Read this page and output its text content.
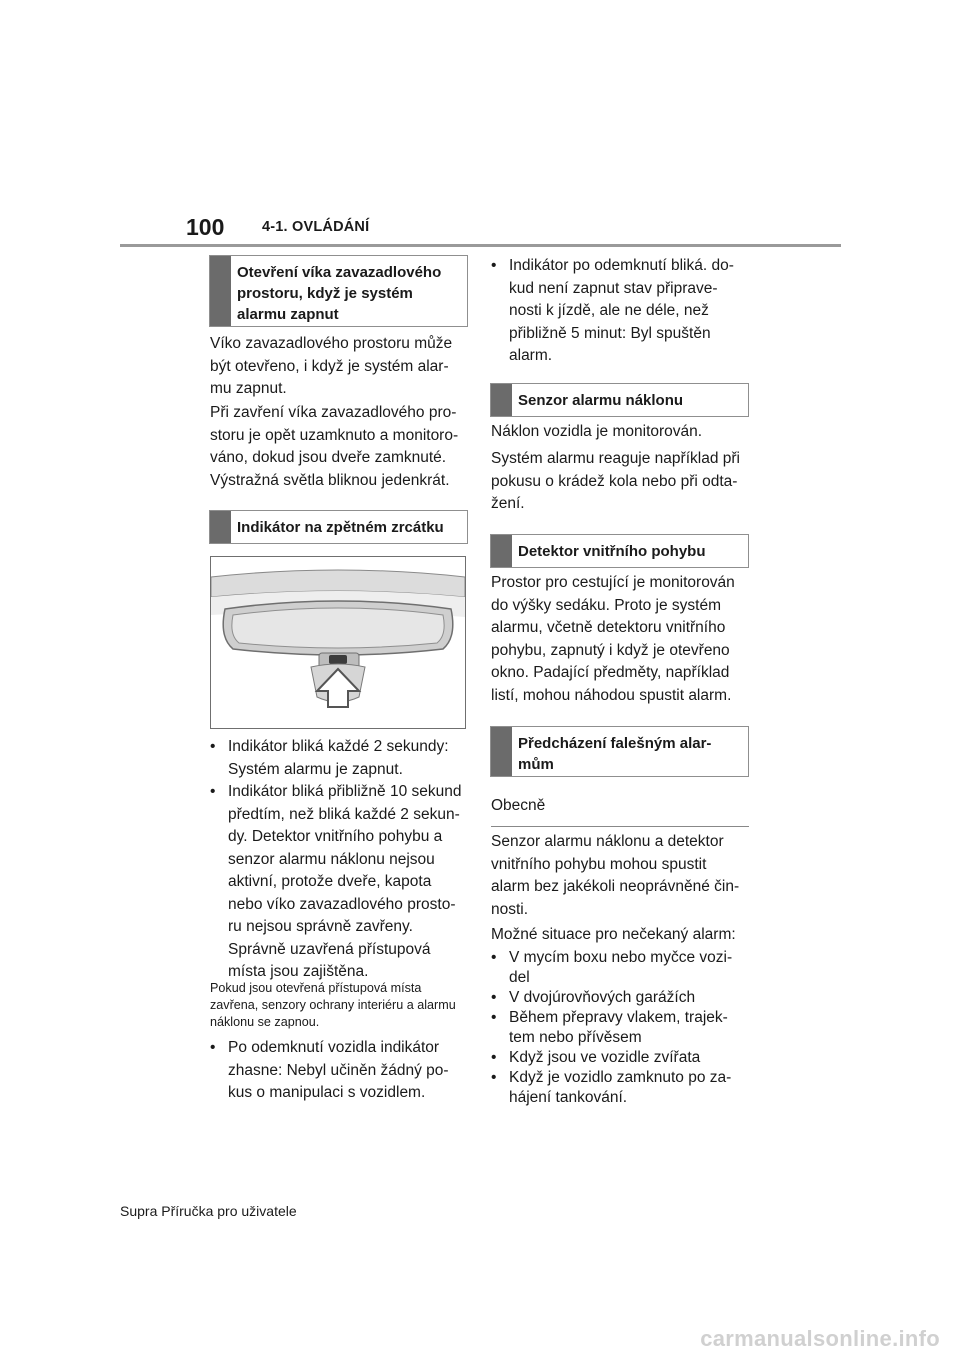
100	4-1. OVLÁDÁNÍ
Otevření víka zavazadlového prostoru, když je systém alarmu zapnut

Víko zavazadlového prostoru může být otevřeno, i když je systém alar-mu zapnut.

Při zavření víka zavazadlového pro-storu je opět uzamknuto a monitoro-váno, dokud jsou dveře zamknuté. Výstražná světla bliknou jedenkrát.

Indikátor na zpětném zrcátku
• Indikátor bliká každé 2 sekundy: Systém alarmu je zapnut.
• Indikátor bliká přibližně 10 sekund předtím, než bliká každé 2 sekun-dy. Detektor vnitřního pohybu a senzor alarmu náklonu nejsou aktivní, protože dveře, kapota nebo víko zavazadlového prosto-ru nejsou správně zavřeny. Správně uzavřená přístupová místa jsou zajištěna.

Pokud jsou otevřená přístupová místa zavřena, senzory ochrany interiéru a alarmu náklonu se zapnou.

• Po odemknutí vozidla indikátor zhasne: Nebyl učiněn žádný po-kus o manipulaci s vozidlem.
• Indikátor po odemknutí bliká. do-kud není zapnut stav připrave-nosti k jízdě, ale ne déle, než přibližně 5 minut: Byl spuštěn alarm.
Senzor alarmu náklonu

Náklon vozidla je monitorován.

Systém alarmu reaguje například při pokusu o krádež kola nebo při odta-žení.

Detektor vnitřního pohybu

Prostor pro cestující je monitorován do výšky sedáku. Proto je systém alarmu, včetně detektoru vnitřního pohybu, zapnutý i když je otevřeno okno. Padající předměty, například listí, mohou náhodou spustit alarm.

Předcházení falešným alar-mům
Obecně

Senzor alarmu náklonu a detektor vnitřního pohybu mohou spustit alarm bez jakékoli neoprávněné čin-nosti.

Možné situace pro nečekaný alarm:

• V mycím boxu nebo myčce vozi-del
• V dvojúrovňových garážích
• Během přepravy vlakem, trajek-tem nebo přívěsem
• Když jsou ve vozidle zvířata
• Když je vozidlo zamknuto po za-hájení tankování.
Supra Příručka pro uživatele
carmanualsonline.info
